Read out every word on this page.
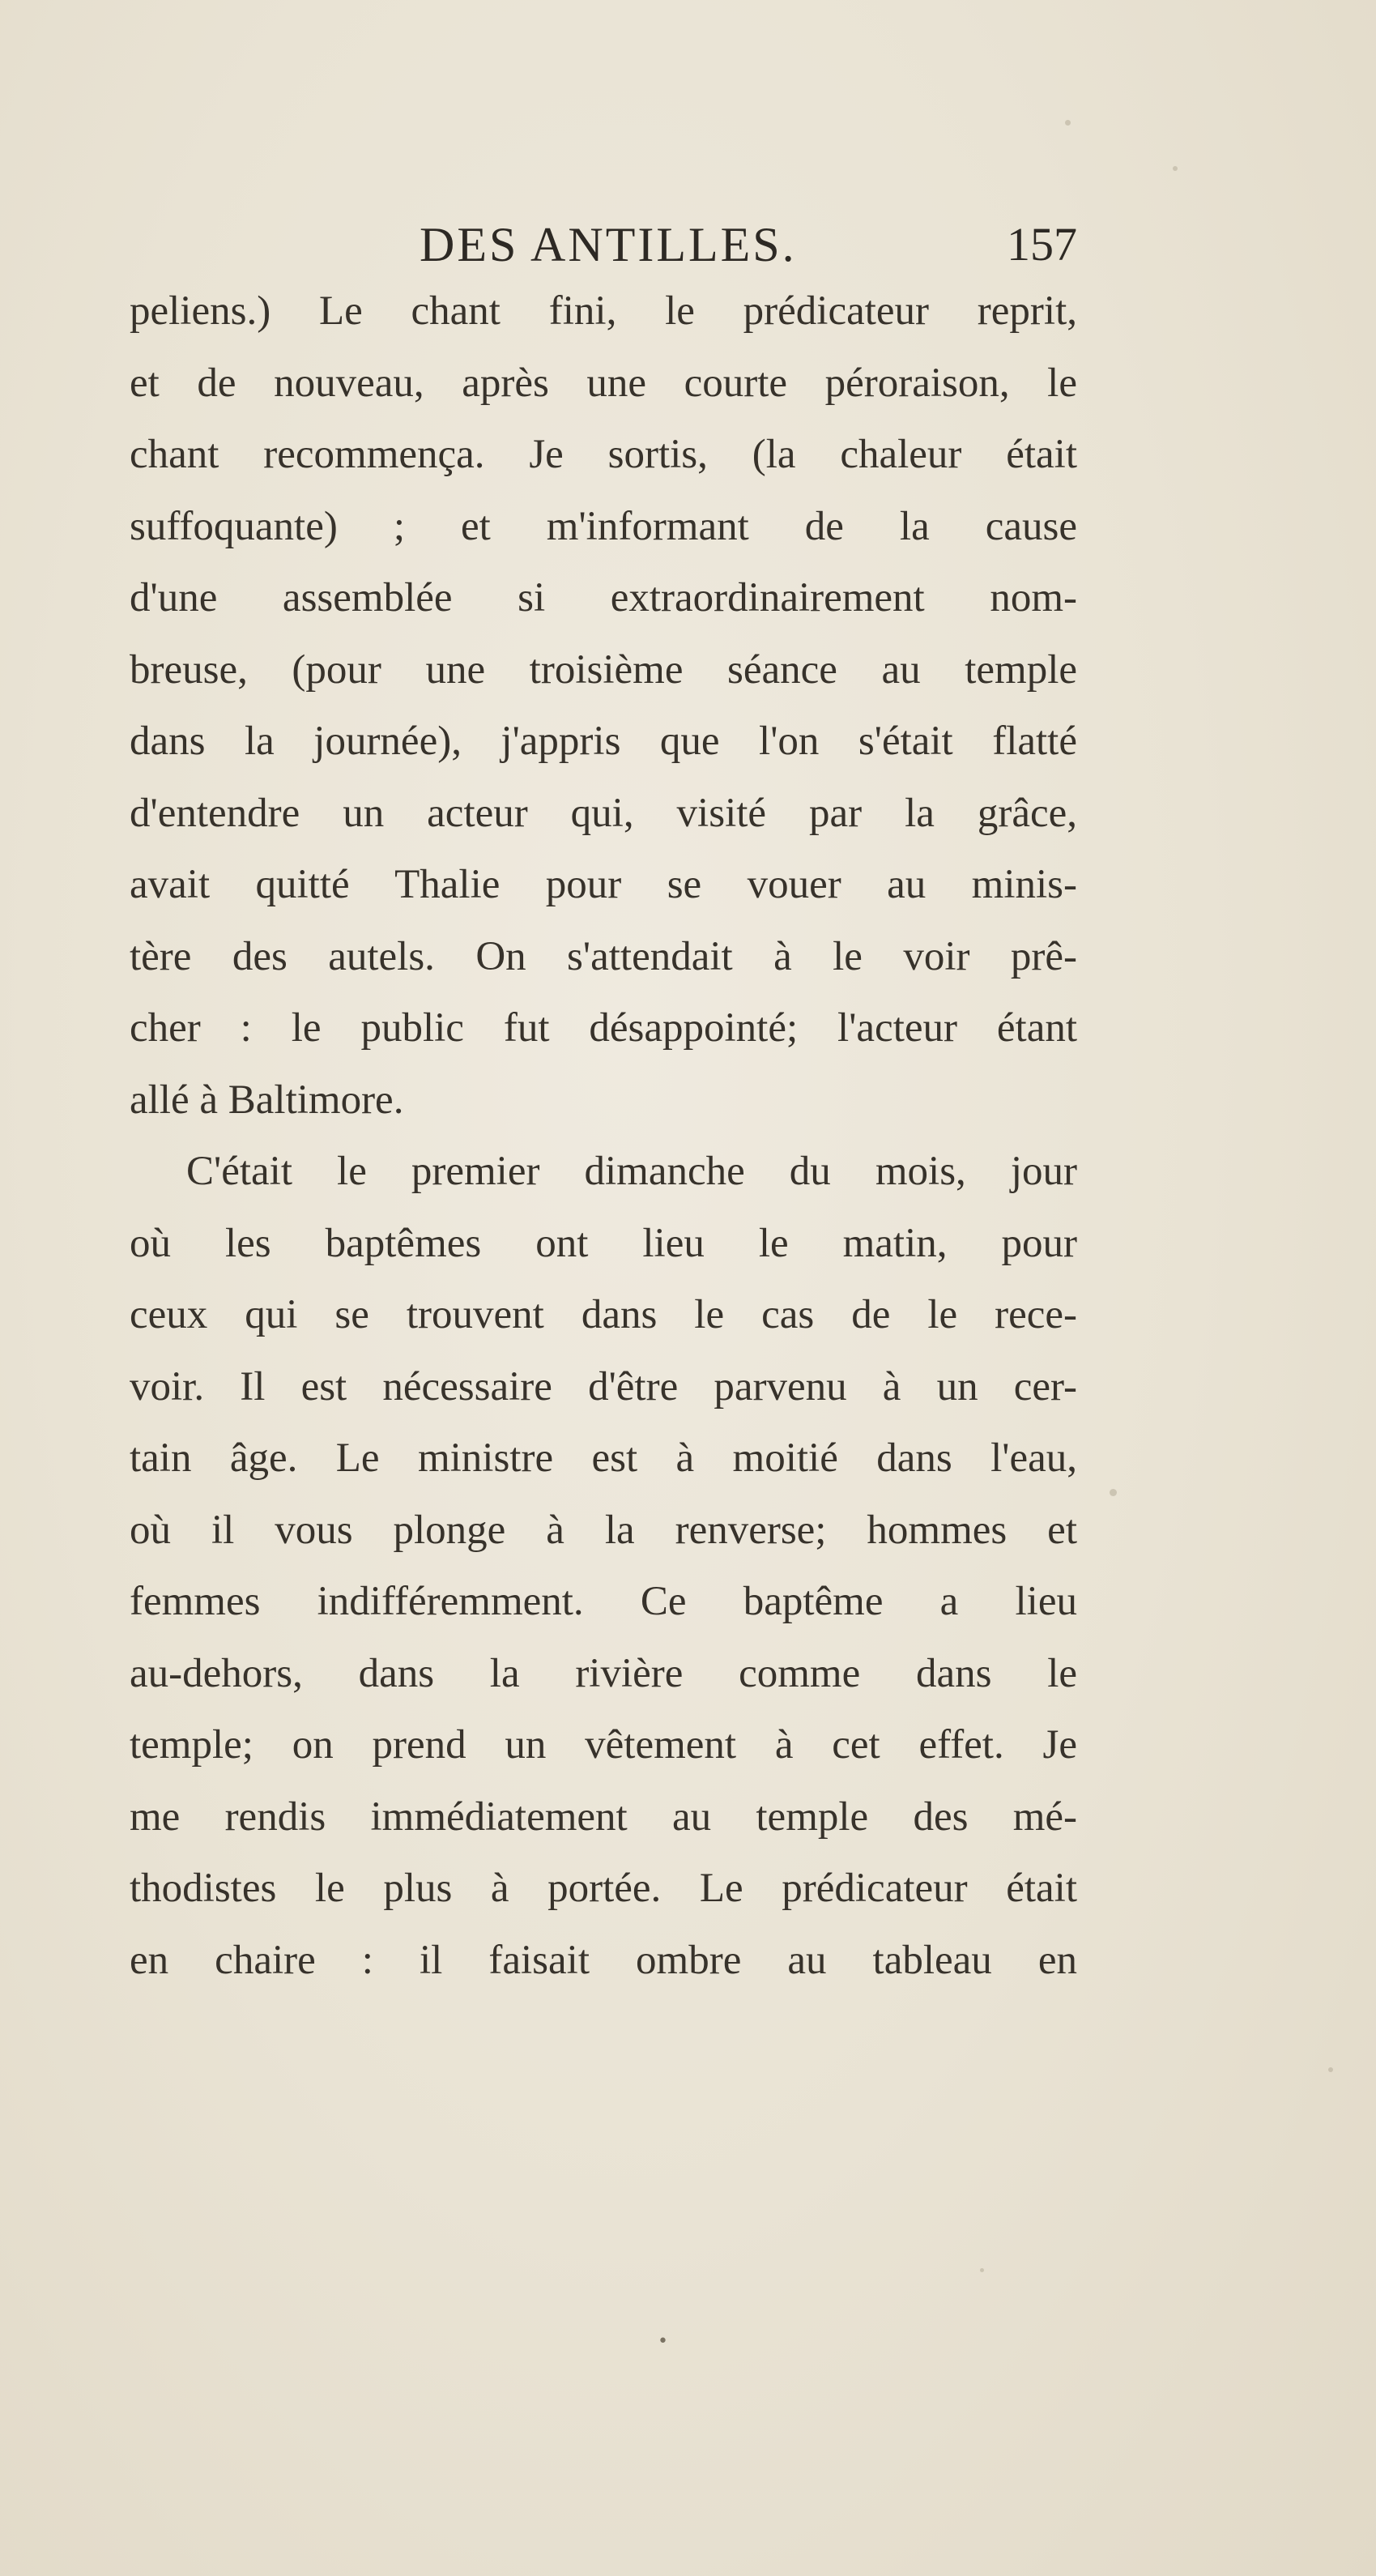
DES ANTILLES.	157
peliens.) Le chant fini, le prédicateur reprit,
et de nouveau, après une courte péroraison, le
chant recommença. Je sortis, (la chaleur était
suffoquante) ; et m'informant de la cause
d'une assemblée si extraordinairement nom-
breuse, (pour une troisième séance au temple
dans la journée), j'appris que l'on s'était flatté
d'entendre un acteur qui, visité par la grâce,
avait quitté Thalie pour se vouer au minis-
tère des autels. On s'attendait à le voir prê-
cher : le public fut désappointé; l'acteur étant
allé à Baltimore.
C'était le premier dimanche du mois, jour
où les baptêmes ont lieu le matin, pour
ceux qui se trouvent dans le cas de le rece-
voir. Il est nécessaire d'être parvenu à un cer-
tain âge. Le ministre est à moitié dans l'eau,
où il vous plonge à la renverse; hommes et
femmes indifféremment. Ce baptême a lieu
au-dehors, dans la rivière comme dans le
temple; on prend un vêtement à cet effet. Je
me rendis immédiatement au temple des mé-
thodistes le plus à portée. Le prédicateur était
en chaire : il faisait ombre au tableau en
•
